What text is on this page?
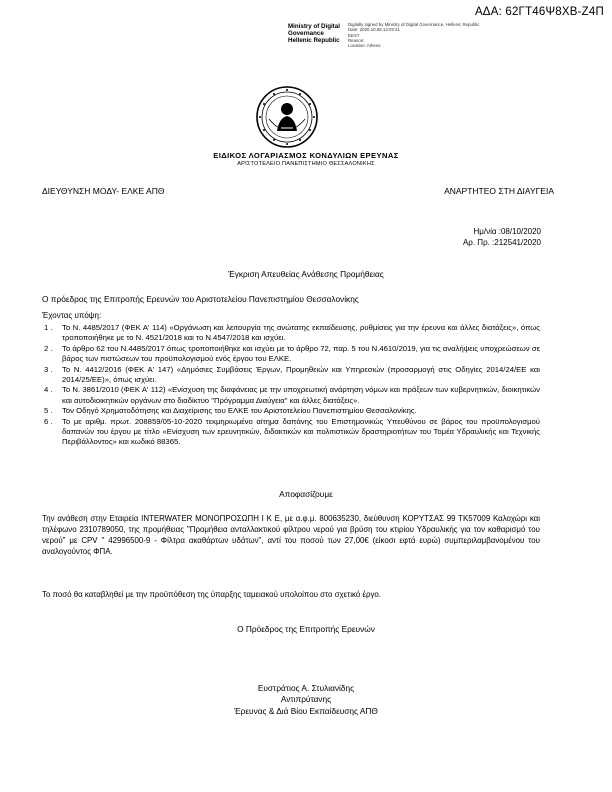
ΑΔΑ: 62ΓΤ46Ψ8ΧΒ-Ζ4Π
Ministry of Digital
Governance
Hellenic Republic
Digitally signed by Ministry of Digital Governance, Hellenic Republic
Date: 2020.10.08 14:03:41
EEST
Reason:
Location: Athens
ΕΙΔΙΚΟΣ ΛΟΓΑΡΙΑΣΜΟΣ ΚΟΝΔΥΛΙΩΝ ΕΡΕΥΝΑΣ
ΑΡΙΣΤΟΤΕΛΕΙΟ ΠΑΝΕΠΙΣΤΗΜΙΟ ΘΕΣΣΑΛΟΝΙΚΗΣ
ΔΙΕΥΘΥΝΣΗ ΜΟΔΥ- ΕΛΚΕ ΑΠΘ	ΑΝΑΡΤΗΤΕΟ ΣΤΗ ΔΙΑΥΓΕΙΑ
Ημ/νία :08/10/2020
Αρ. Πρ. :212541/2020
Έγκριση Απευθείας Ανάθεσης Προμήθειας
Ο πρόεδρος της Επιτροπής Ερευνών του Αριστοτελείου Πανεπιστημίου Θεσσαλονίκης
Έχοντας υπόψη:
1 . Το Ν. 4485/2017 (ΦΕΚ Α' 114) «Οργάνωση και λειτουργία της ανώτατης εκπαίδευσης, ρυθμίσεις για την έρευνα και άλλες διατάξεις», όπως τροποποιήθηκε με το Ν. 4521/2018 και το Ν.4547/2018 και ισχύει.
2 . Το άρθρο 62 του Ν.4485/2017 όπως τροποποιήθηκε και ισχύει με το άρθρο 72, παρ. 5 του Ν.4610/2019, για τις αναλήψεις υποχρεώσεων σε βάρος των πιστώσεων του προϋπολογισμού ενός έργου του ΕΛΚΕ.
3 . Το Ν. 4412/2016 (ΦΕΚ Α' 147) «Δημόσιες Συμβάσεις Έργων, Προμηθειών και Υπηρεσιών (προσαρμογή στις Οδηγίες 2014/24/ΕΕ και 2014/25/ΕΕ)», όπως ισχύει.
4 . Το Ν. 3861/2010 (ΦΕΚ Α' 112) «Ενίσχυση της διαφάνειας με την υποχρεωτική ανάρτηση νόμων και πράξεων των κυβερνητικών, διοικητικών και αυτοδιοικητικών οργάνων στο διαδίκτυο "Πρόγραμμα Διαύγεια" και άλλες διατάξεις».
5 . Τον Οδηγό Χρηματοδότησης και Διαχείρισης του ΕΛΚΕ του Αριστοτελείου Πανεπιστημίου Θεσσαλονίκης.
6 . Το με αριθμ. πρωτ. 208859/05-10-2020 τεκμηριωμένο αίτημα δαπάνης του Επιστημονικώς Υπευθύνου σε βάρος του προϋπολογισμού δαπανών του έργου με τίτλο «Ενίσχυση των ερευνητικών, διδακτικών και πολιτιστικών δραστηριοτήτων του Τομέα Υδραυλικής και Τεχνικής Περιβάλλοντος» και κωδικό 88365.
Αποφασίζουμε
Την ανάθεση στην Εταιρεία INTERWATER ΜΟΝΟΠΡΟΣΩΠΗ Ι Κ Ε, με α.φ.μ. 800635230, διεύθυνση ΚΟΡΥΤΣΑΣ 99 ΤΚ57009 Καλοχώρι και τηλέφωνο 2310789050, της προμήθειας "Προμήθεια ανταλλακτικού φίλτρου νερού για βρύση του κτιρίου Υδραυλικής για τον καθαρισμό του νερού" με CPV " 42996500-9 - Φίλτρα ακαθάρτων υδάτων", αντί του ποσού των 27,00€ (είκοσι εφτά ευρώ) συμπεριλαμβανομένου του αναλογούντος ΦΠΑ.
Το ποσό θα καταβληθεί με την προϋπόθεση της ύπαρξης ταμειακού υπολοίπου στο σχετικό έργο.
Ο Πρόεδρος της Επιτροπής Ερευνών
Ευστράτιος Α. Στυλιανίδης
Αντιπρύτανης
Έρευνας & Διά Βίου Εκπαίδευσης ΑΠΘ
